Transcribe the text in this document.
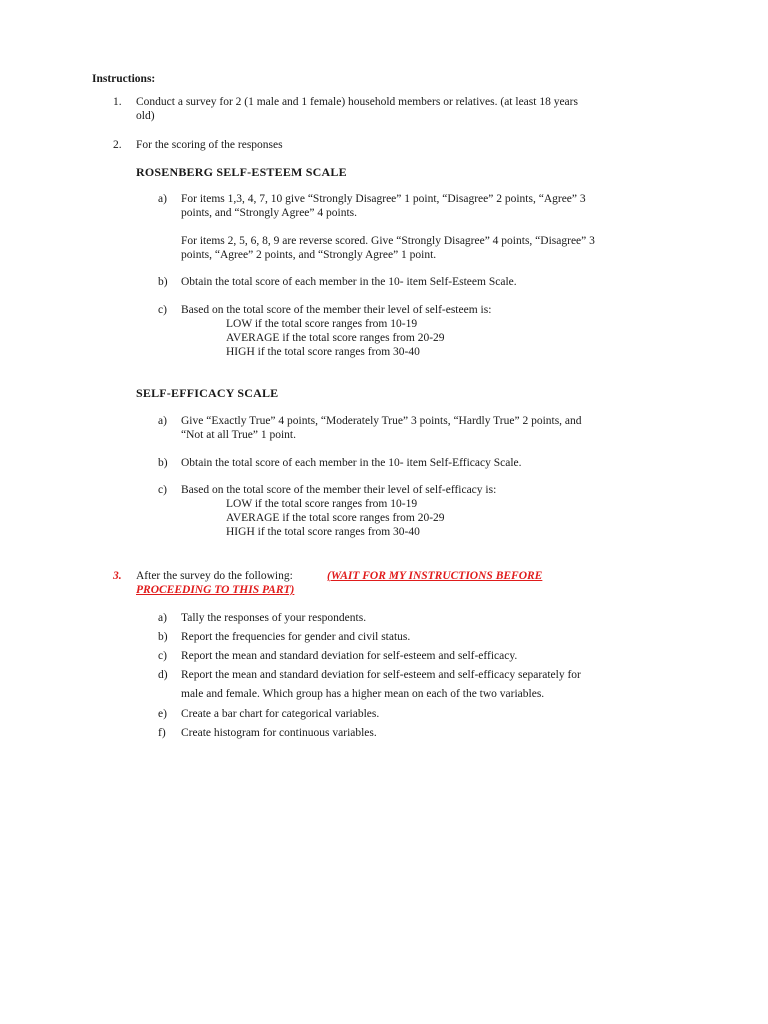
Instructions:
1. Conduct a survey for 2 (1 male and 1 female) household members or relatives. (at least 18 years
old)
2. For the scoring of the responses
ROSENBERG SELF-ESTEEM SCALE
a) For items 1,3, 4, 7, 10 give “Strongly Disagree” 1 point, “Disagree” 2 points, “Agree” 3
points, and “Strongly Agree” 4 points.
For items 2, 5, 6, 8, 9 are reverse scored. Give “Strongly Disagree” 4 points, “Disagree” 3
points, “Agree” 2 points, and “Strongly Agree” 1 point.
b) Obtain the total score of each member in the 10- item Self-Esteem Scale.
c) Based on the total score of the member their level of self-esteem is:
LOW if the total score ranges from 10-19
AVERAGE if the total score ranges from 20-29
HIGH if the total score ranges from 30-40
SELF-EFFICACY SCALE
a) Give “Exactly True” 4 points, “Moderately True” 3 points, “Hardly True” 2 points, and
“Not at all True” 1 point.
b) Obtain the total score of each member in the 10- item Self-Efficacy Scale.
c) Based on the total score of the member their level of self-efficacy is:
LOW if the total score ranges from 10-19
AVERAGE if the total score ranges from 20-29
HIGH if the total score ranges from 30-40
3. After the survey do the following:	(WAIT FOR MY INSTRUCTIONS BEFORE
PROCEEDING TO THIS PART)
a) Tally the responses of your respondents.
b) Report the frequencies for gender and civil status.
c) Report the mean and standard deviation for self-esteem and self-efficacy.
d) Report the mean and standard deviation for self-esteem and self-efficacy separately for
male and female. Which group has a higher mean on each of the two variables.
e) Create a bar chart for categorical variables.
f) Create histogram for continuous variables.
